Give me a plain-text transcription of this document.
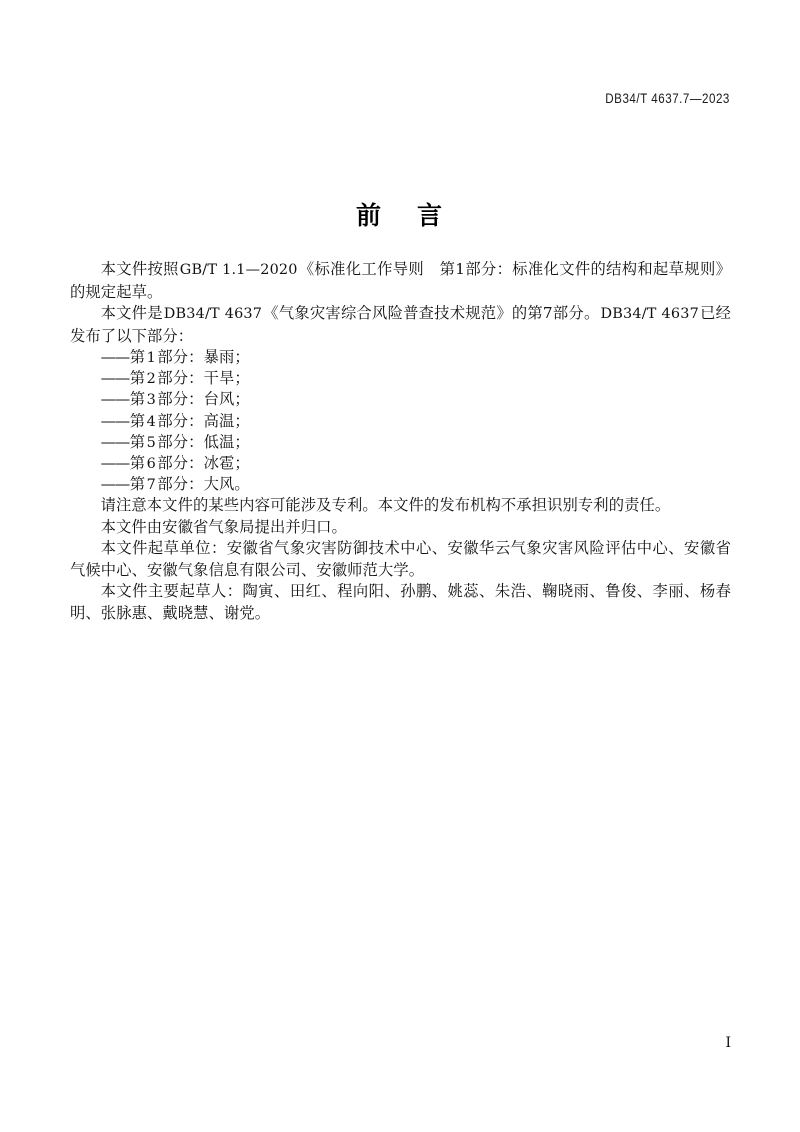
DB34/T 4637.7—2023
前 言

本文件按照GB/T 1.1—2020《标准化工作导则　第1部分：标准化文件的结构和起草规则》的规定起草。

本文件是DB34/T 4637《气象灾害综合风险普查技术规范》的第7部分。DB34/T 4637已经发布了以下部分：

——第 1部分：暴雨；
——第 2部分：干旱；
——第 3部分：台风；
——第 4部分：高温；
——第 5部分：低温；
——第 6部分：冰雹；
——第 7部分：大风。

请注意本文件的某些内容可能涉及专利。本文件的发布机构不承担识别专利的责任。

本文件由安徽省气象局提出并归口。

本文件起草单位：安徽省气象灾害防御技术中心、安徽华云气象灾害风险评估中心、安徽省气候中心、安徽气象信息有限公司、安徽师范大学。

本文件主要起草人：陶寅、田红、程向阳、孙鹏、姚蕊、朱浩、鞠晓雨、鲁俊、李丽、杨春明、张脉惠、戴晓慧、谢党。

I
